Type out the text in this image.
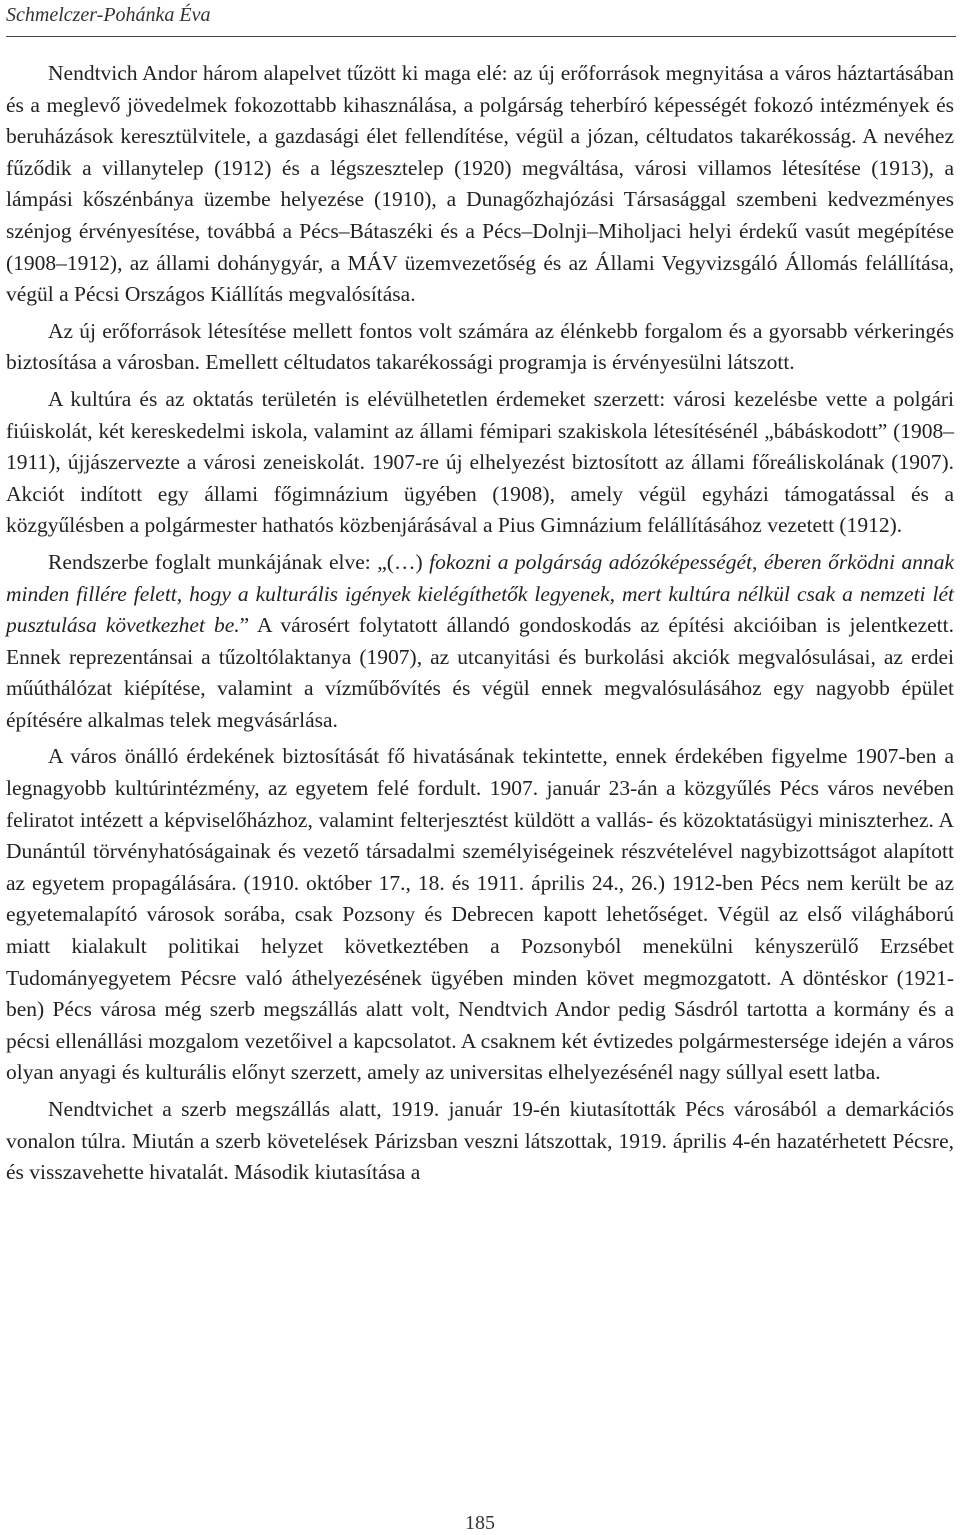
Schmelczer-Pohánka Éva

Nendtvich Andor három alapelvet tűzött ki maga elé: az új erőforrások megnyitása a város háztartásában és a meglevő jövedelmek fokozottabb kihasználása, a polgárság teherbíró képességét fokozó intézmények és beruházások keresztülvitele, a gazdasági élet fellendítése, végül a józan, céltudatos takarékosság. A nevéhez fűződik a villanytelep (1912) és a légszesztelep (1920) megváltása, városi villamos létesítése (1913), a lámpási kőszénbánya üzembe helyezése (1910), a Dunagőzhajózási Társasággal szembeni kedvezményes szénjog érvényesítése, továbbá a Pécs–Bátaszéki és a Pécs–Dolnji–Miholjaci helyi érdekű vasút megépítése (1908–1912), az állami dohánygyár, a MÁV üzemvezetőség és az Állami Vegyvizsgáló Állomás felállítása, végül a Pécsi Országos Kiállítás megvalósítása.

Az új erőforrások létesítése mellett fontos volt számára az élénkebb forgalom és a gyorsabb vérkeringés biztosítása a városban. Emellett céltudatos takarékossági programja is érvényesülni látszott.

A kultúra és az oktatás területén is elévülhetetlen érdemeket szerzett: városi kezelésbe vette a polgári fiúiskolát, két kereskedelmi iskola, valamint az állami fémipari szakiskola létesítésénél „bábáskodott” (1908–1911), újjászervezte a városi zeneiskolát. 1907-re új elhelyezést biztosított az állami főreáliskolának (1907). Akciót indított egy állami főgimnázium ügyében (1908), amely végül egyházi támogatással és a közgyűlésben a polgármester hathatós közbenjárásával a Pius Gimnázium felállításához vezetett (1912).

Rendszerbe foglalt munkájának elve: „(…) fokozni a polgárság adózóképességét, éberen őrködni annak minden fillére felett, hogy a kulturális igények kielégíthetők legyenek, mert kultúra nélkül csak a nemzeti lét pusztulása következhet be.” A városért folytatott állandó gondoskodás az építési akcióiban is jelentkezett. Ennek reprezentánsai a tűzoltólaktanya (1907), az utcanyitási és burkolási akciók megvalósulásai, az erdei műúthálózat kiépítése, valamint a vízműbővítés és végül ennek megvalósulásához egy nagyobb épület építésére alkalmas telek megvásárlása.

A város önálló érdekének biztosítását fő hivatásának tekintette, ennek érdekében figyelme 1907-ben a legnagyobb kultúrintézmény, az egyetem felé fordult. 1907. január 23-án a közgyűlés Pécs város nevében feliratot intézett a képviselőházhoz, valamint felterjesztést küldött a vallás- és közoktatásügyi miniszterhez. A Dunántúl törvényhatóságainak és vezető társadalmi személyiségeinek részvételével nagybizottságot alapított az egyetem propagálására. (1910. október 17., 18. és 1911. április 24., 26.) 1912-ben Pécs nem került be az egyetemalapító városok sorába, csak Pozsony és Debrecen kapott lehetőséget. Végül az első világháború miatt kialakult politikai helyzet következtében a Pozsonyból menekülni kényszerülő Erzsébet Tudományegyetem Pécsre való áthelyezésének ügyében minden követ megmozgatott. A döntéskor (1921-ben) Pécs városa még szerb megszállás alatt volt, Nendtvich Andor pedig Sásdról tartotta a kormány és a pécsi ellenállási mozgalom vezetőivel a kapcsolatot. A csaknem két évtizedes polgármestersége idején a város olyan anyagi és kulturális előnyt szerzett, amely az universitas elhelyezésénél nagy súllyal esett latba.

Nendtvichet a szerb megszállás alatt, 1919. január 19-én kiutasították Pécs városából a demarkációs vonalon túlra. Miután a szerb követelések Párizsban veszni látszottak, 1919. április 4-én hazatérhetett Pécsre, és visszavehette hivatalát. Második kiutasítása a

185
